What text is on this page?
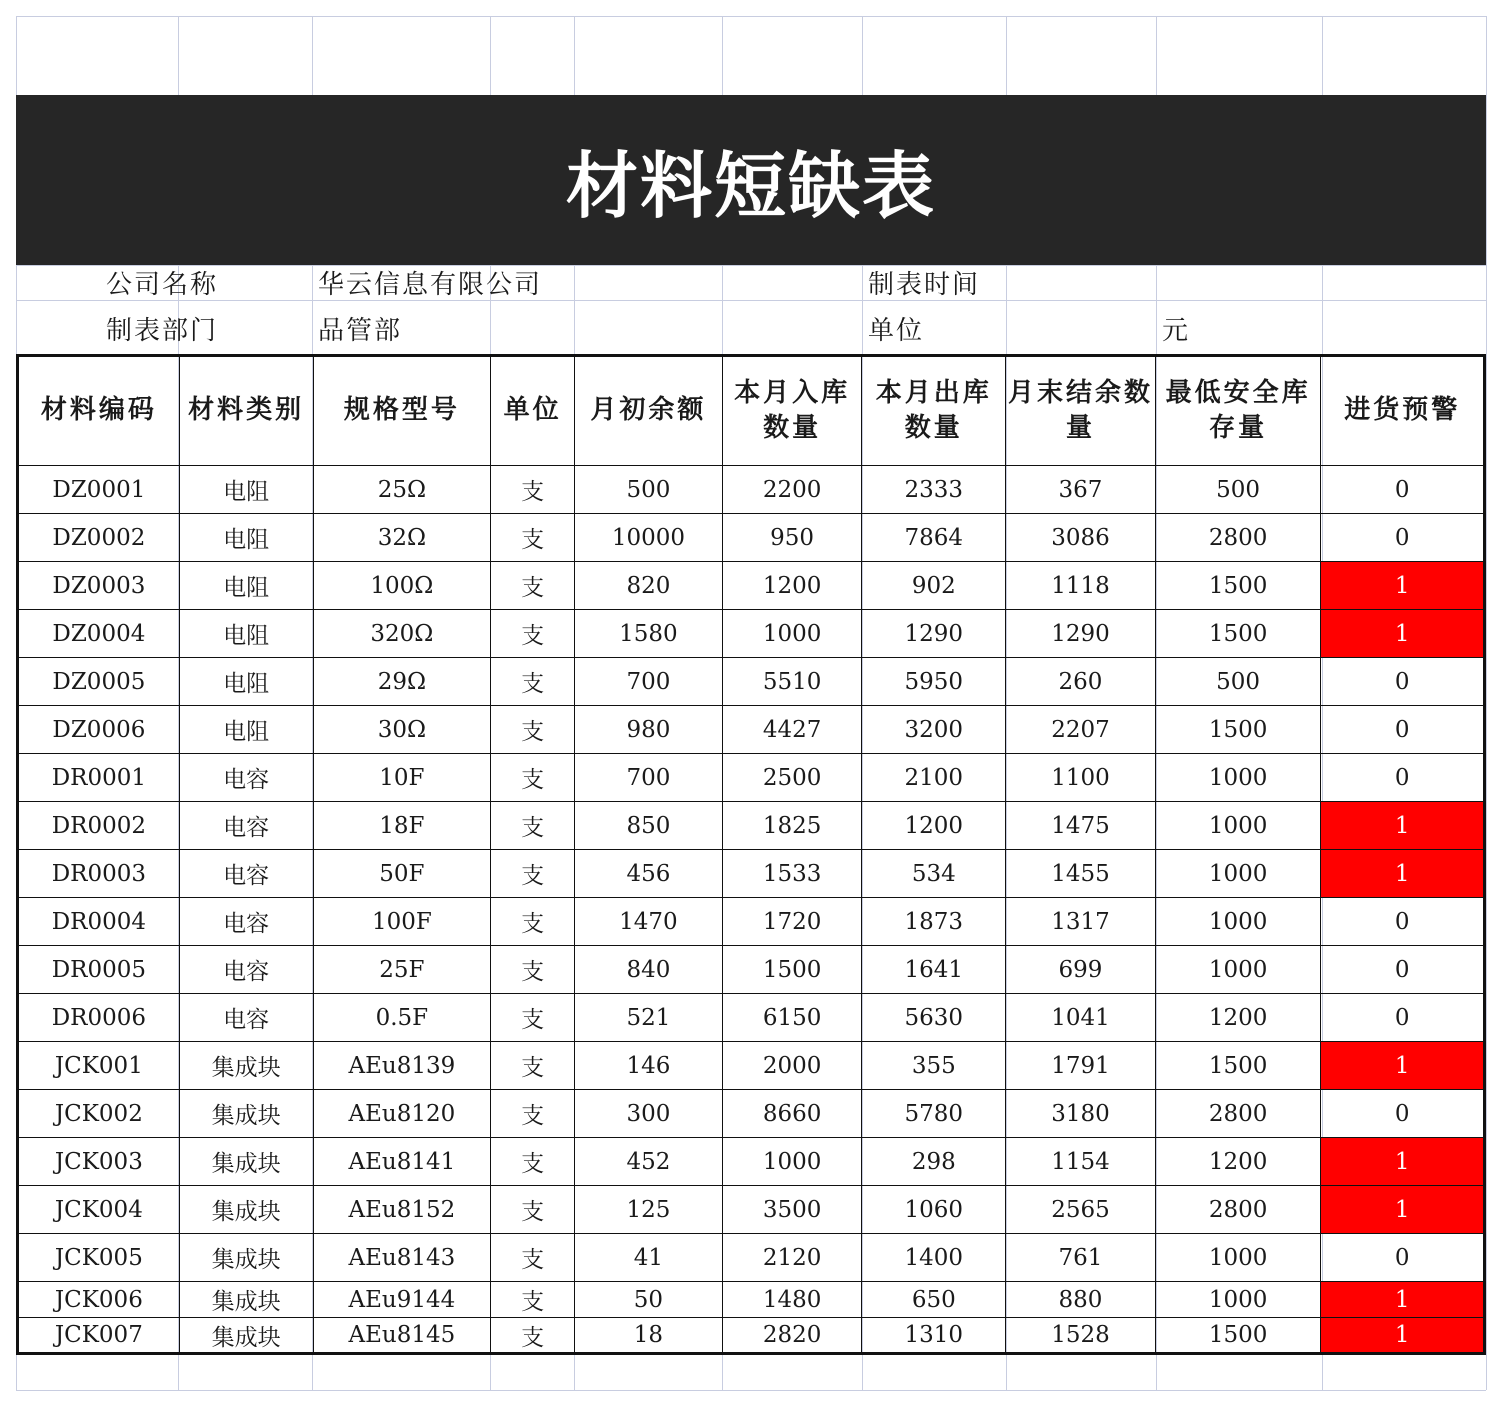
材料短缺表
公司名称	华云信息有限公司	制表时间
制表部门	品管部	单位	元
材料编码	材料类别	规格型号	单位	月初余额	本月入库数量	本月出库数量	月末结余数量	最低安全库存量	进货预警
DZ0001	电阻	25Ω	支	500	2200	2333	367	500	0
DZ0002	电阻	32Ω	支	10000	950	7864	3086	2800	0
DZ0003	电阻	100Ω	支	820	1200	902	1118	1500	1
DZ0004	电阻	320Ω	支	1580	1000	1290	1290	1500	1
DZ0005	电阻	29Ω	支	700	5510	5950	260	500	0
DZ0006	电阻	30Ω	支	980	4427	3200	2207	1500	0
DR0001	电容	10F	支	700	2500	2100	1100	1000	0
DR0002	电容	18F	支	850	1825	1200	1475	1000	1
DR0003	电容	50F	支	456	1533	534	1455	1000	1
DR0004	电容	100F	支	1470	1720	1873	1317	1000	0
DR0005	电容	25F	支	840	1500	1641	699	1000	0
DR0006	电容	0.5F	支	521	6150	5630	1041	1200	0
JCK001	集成块	AEu8139	支	146	2000	355	1791	1500	1
JCK002	集成块	AEu8120	支	300	8660	5780	3180	2800	0
JCK003	集成块	AEu8141	支	452	1000	298	1154	1200	1
JCK004	集成块	AEu8152	支	125	3500	1060	2565	2800	1
JCK005	集成块	AEu8143	支	41	2120	1400	761	1000	0
JCK006	集成块	AEu9144	支	50	1480	650	880	1000	1
JCK007	集成块	AEu8145	支	18	2820	1310	1528	1500	1
